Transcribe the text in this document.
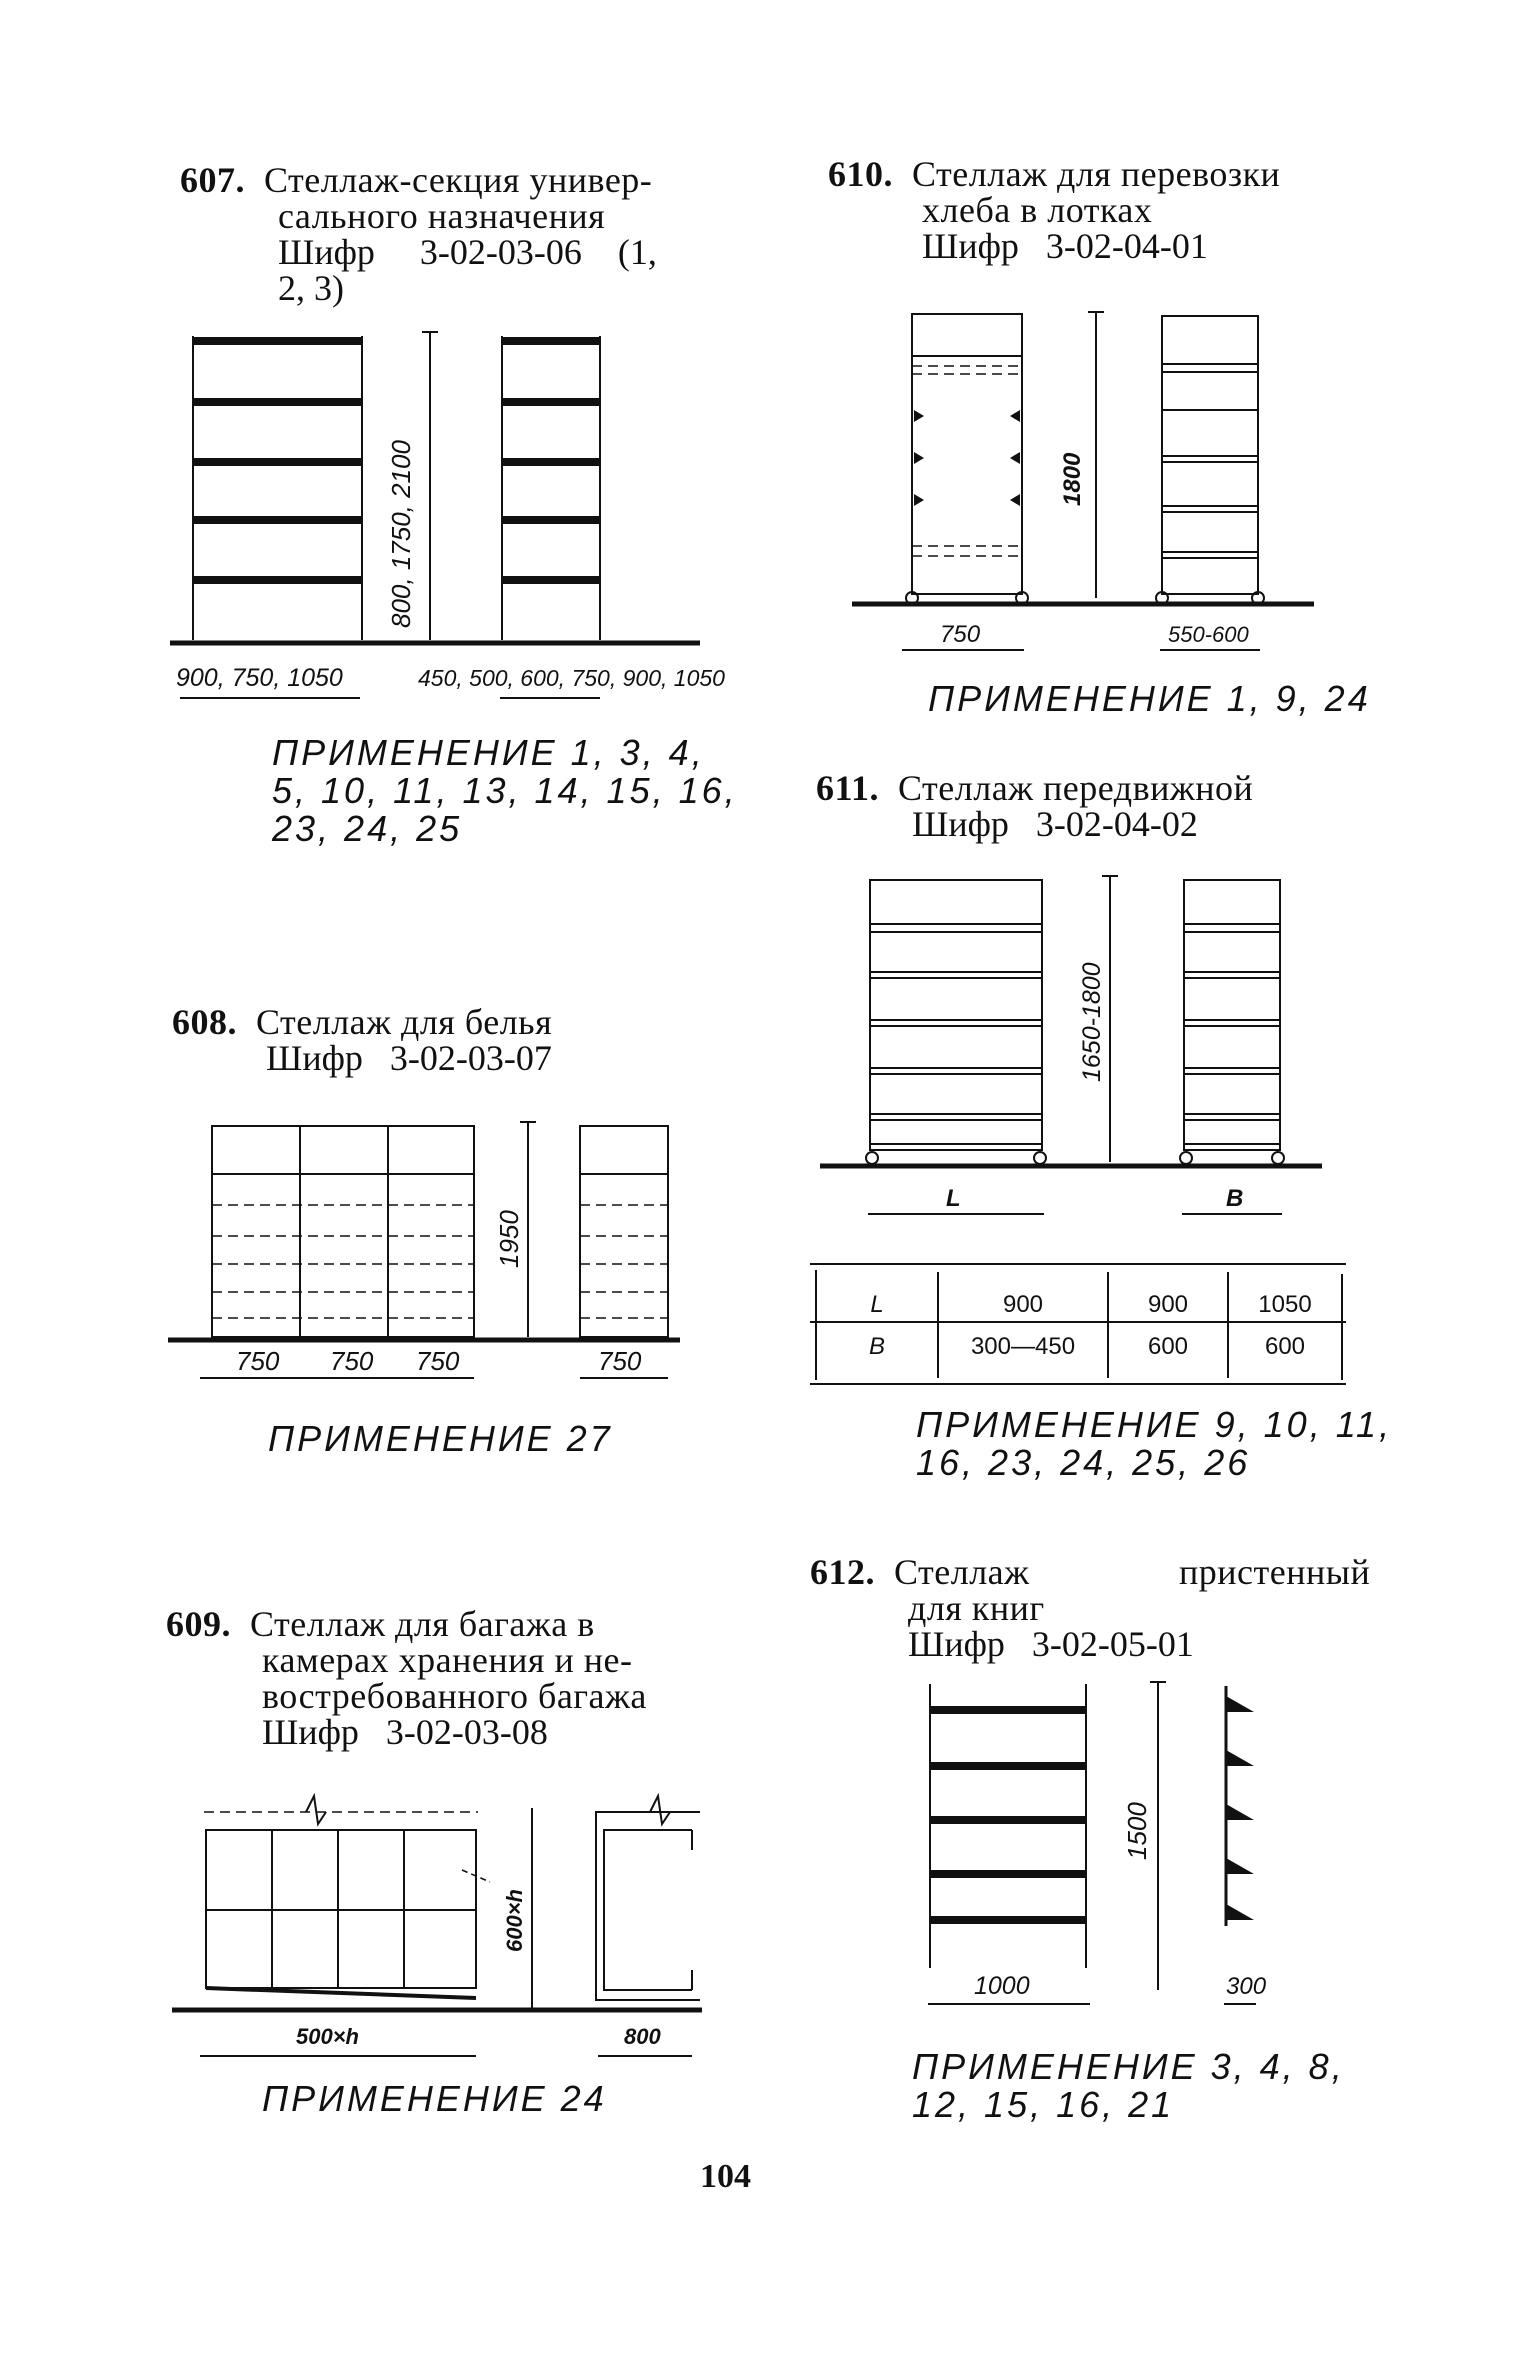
607. Стеллаж-секция универ-
сального назначения
Шифр 3-02-03-06 (1,
2, 3)
800, 1750, 2100
900, 750, 1050	450, 500, 600, 750, 900, 1050
ПРИМЕНЕНИЕ 1, 3, 4,
5, 10, 11, 13, 14, 15, 16,
23, 24, 25
608. Стеллаж для белья
Шифр 3-02-03-07
1950
750 750 750	750
ПРИМЕНЕНИЕ 27
609. Стеллаж для багажа в
камерах хранения и не-
востребованного багажа
Шифр 3-02-03-08
600×h
500×h	800
ПРИМЕНЕНИЕ 24
610. Стеллаж для перевозки
хлеба в лотках
Шифр 3-02-04-01
1800
750	550-600
ПРИМЕНЕНИЕ 1, 9, 24
611. Стеллаж передвижной
Шифр 3-02-04-02
1650-1800
L	B
L	900	900	1050
B	300—450	600	600
ПРИМЕНЕНИЕ 9, 10, 11,
16, 23, 24, 25, 26
612. Стеллаж пристенный
для книг
Шифр 3-02-05-01
1500
1000	300
ПРИМЕНЕНИЕ 3, 4, 8,
12, 15, 16, 21
104
